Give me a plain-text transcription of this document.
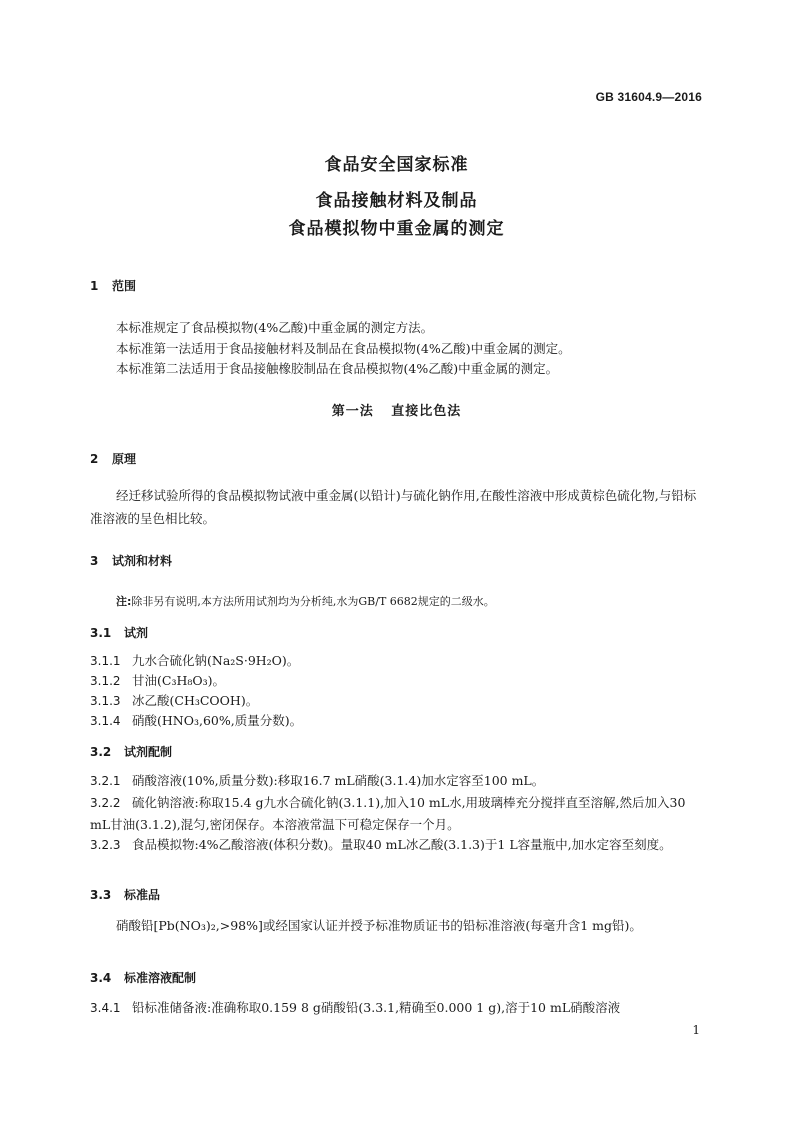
GB 31604.9—2016
食品安全国家标准
食品接触材料及制品
食品模拟物中重金属的测定
1 范围
本标准规定了食品模拟物(4%乙酸)中重金属的测定方法。
本标准第一法适用于食品接触材料及制品在食品模拟物(4%乙酸)中重金属的测定。
本标准第二法适用于食品接触橡胶制品在食品模拟物(4%乙酸)中重金属的测定。
第一法 直接比色法
2 原理
经迁移试验所得的食品模拟物试液中重金属(以铅计)与硫化钠作用,在酸性溶液中形成黄棕色硫化物,与铅标准溶液的呈色相比较。
3 试剂和材料
注:除非另有说明,本方法所用试剂均为分析纯,水为GB/T 6682规定的二级水。
3.1 试剂
3.1.1 九水合硫化钠(Na₂S·9H₂O)。
3.1.2 甘油(C₃H₈O₃)。
3.1.3 冰乙酸(CH₃COOH)。
3.1.4 硝酸(HNO₃,60%,质量分数)。
3.2 试剂配制
3.2.1 硝酸溶液(10%,质量分数):移取16.7 mL硝酸(3.1.4)加水定容至100 mL。
3.2.2 硫化钠溶液:称取15.4 g九水合硫化钠(3.1.1),加入10 mL水,用玻璃棒充分搅拌直至溶解,然后加入30 mL甘油(3.1.2),混匀,密闭保存。本溶液常温下可稳定保存一个月。
3.2.3 食品模拟物:4%乙酸溶液(体积分数)。量取40 mL冰乙酸(3.1.3)于1 L容量瓶中,加水定容至刻度。
3.3 标准品
硝酸铅[Pb(NO₃)₂,>98%]或经国家认证并授予标准物质证书的铅标准溶液(每毫升含1 mg铅)。
3.4 标准溶液配制
3.4.1 铅标准储备液:准确称取0.159 8 g硝酸铅(3.3.1,精确至0.000 1 g),溶于10 mL硝酸溶液
1
